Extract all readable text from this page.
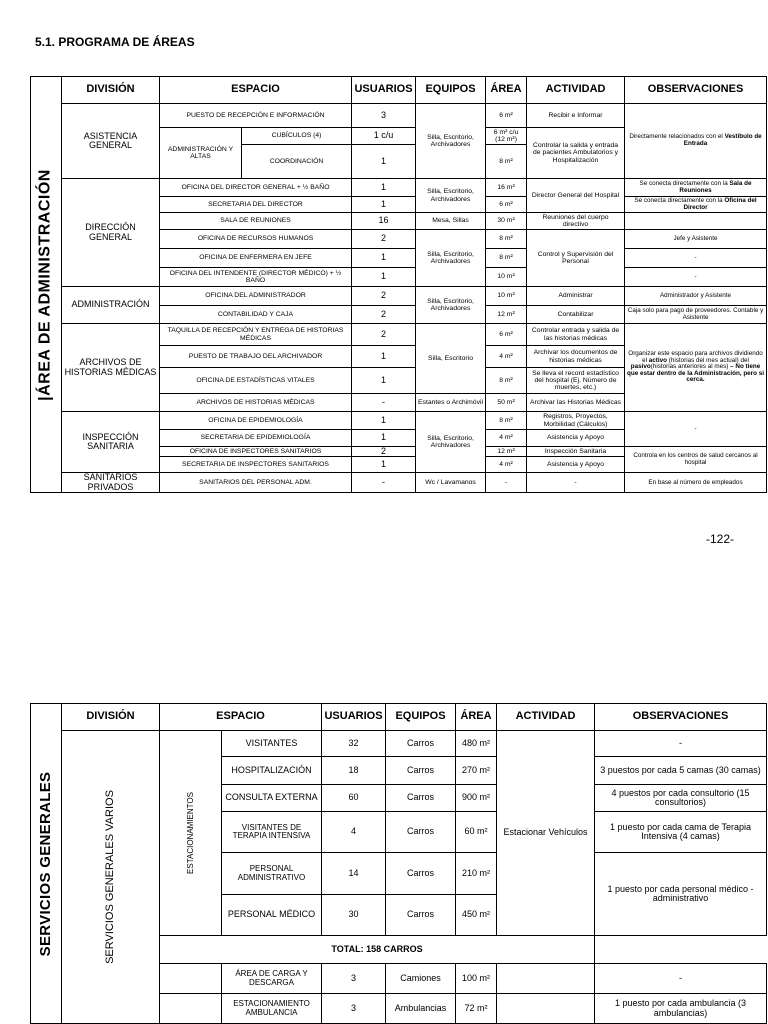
5.1. PROGRAMA DE ÁREAS
|ÁREA DE ADMINISTRACIÓN	DIVISIÓN	ESPACIO		USUARIOS	EQUIPOS	ÁREA	ACTIVIDAD	OBSERVACIONES
	ASISTENCIA GENERAL	PUESTO DE RECEPCIÓN E INFORMACIÓN		3	Silla, Escritorio, Archivadores	6 m²	Recibir e Informar	Directamente relacionados con el Vestíbulo de Entrada
		ADMINISTRACIÓN Y ALTAS	CUBÍCULOS (4)	1 c/u		6 m² c/u (12 m²)	Controlar la salida y entrada de pacientes Ambulatorios y Hospitalización	
			COORDINACIÓN	1		8 m²		
	DIRECCIÓN GENERAL	OFICINA DEL DIRECTOR GENERAL + ½ BAÑO		1	Silla, Escritorio, Archivadores	16 m²	Director General del Hospital	Se conecta directamente con la Sala de Reuniones
		SECRETARIA DEL DIRECTOR		1		6 m²		Se conecta directamente con la Oficina del Director
		SALA DE REUNIONES		16	Mesa, Sillas	30 m²	Reuniones del cuerpo directivo	
		OFICINA DE RECURSOS HUMANOS		2	Silla, Escritorio, Archivadores	8 m²	Control y Supervisión del Personal	Jefe y Asistente
		OFICINA DE ENFERMERA EN JEFE		1		8 m²		-
		OFICINA DEL INTENDENTE (DIRECTOR MÉDICO) + ½ BAÑO		1		10 m²		-
	ADMINISTRACIÓN	OFICINA DEL ADMINISTRADOR		2	Silla, Escritorio, Archivadores	10 m²	Administrar	Administrador y Asistente
		CONTABILIDAD Y CAJA		2		12 m²	Contabilizar	Caja solo para pago de proveedores. Contable y Asistente
	ARCHIVOS DE HISTORIAS MÉDICAS	TAQUILLA DE RECEPCIÓN Y ENTREGA DE HISTORIAS MÉDICAS		2	Silla, Escritorio	6 m²	Controlar entrada y salida de las historias médicas	Organizar este espacio para archivos dividiendo el activo (historias del mes actual) del pasivo(historias anteriores al mes) – No tiene que estar dentro de la Administración, pero si cerca.
		PUESTO DE TRABAJO DEL ARCHIVADOR		1		4 m²	Archivar los documentos de historias médicas	
		OFICINA DE ESTADÍSTICAS VITALES		1		8 m²	Se lleva el record estadístico del hospital (Ej. Número de muertes, etc.)	
		ARCHIVOS DE HISTORIAS MÉDICAS		-	Estantes o Archimóvil	50 m²	Archivar las Historias Médicas	
	INSPECCIÓN SANITARIA	OFICINA DE EPIDEMIOLOGÍA		1	Silla, Escritorio, Archivadores	8 m²	Registros, Proyectos, Morbilidad (Cálculos)	-
		SECRETARIA DE EPIDEMIOLOGÍA		1		4 m²	Asistencia y Apoyo	
		OFICINA DE INSPECTORES SANITARIOS		2		12 m²	Inspección Sanitaria	Controla en los centros de salud cercanos al hospital
		SECRETARIA DE INSPECTORES SANITARIOS		1		4 m²	Asistencia y Apoyo	
	SANITARIOS PRIVADOS	SANITARIOS DEL PERSONAL ADM.		-	Wc / Lavamanos	-	-	En base al número de empleados
-122-
SERVICIOS GENERALES	DIVISIÓN	ESPACIO		USUARIOS	EQUIPOS	ÁREA	ACTIVIDAD	OBSERVACIONES

	SERVICIOS GENERALES VARIOS	ESTACIONAMIENTOS	VISITANTES	32	Carros	480 m²	Estacionar Vehículos	-
			HOSPITALIZACIÓN	18	Carros	270 m²		3 puestos por cada 5 camas (30 camas)
			CONSULTA EXTERNA	60	Carros	900 m²		4 puestos por cada consultorio (15 consultorios)
			VISITANTES DE TERAPIA INTENSIVA	4	Carros	60 m²		1 puesto por cada cama de Terapia Intensiva (4 camas)
			PERSONAL ADMINISTRATIVO	14	Carros	210 m²		1 puesto por cada personal médico - administrativo
			PERSONAL MÉDICO	30	Carros	450 m²		
		TOTAL: 158 CARROS						
			ÁREA DE CARGA Y DESCARGA	3	Camiones	100 m²		-
			ESTACIONAMIENTO AMBULANCIA	3	Ambulancias	72 m²		1 puesto por cada ambulancia (3 ambulancias)
